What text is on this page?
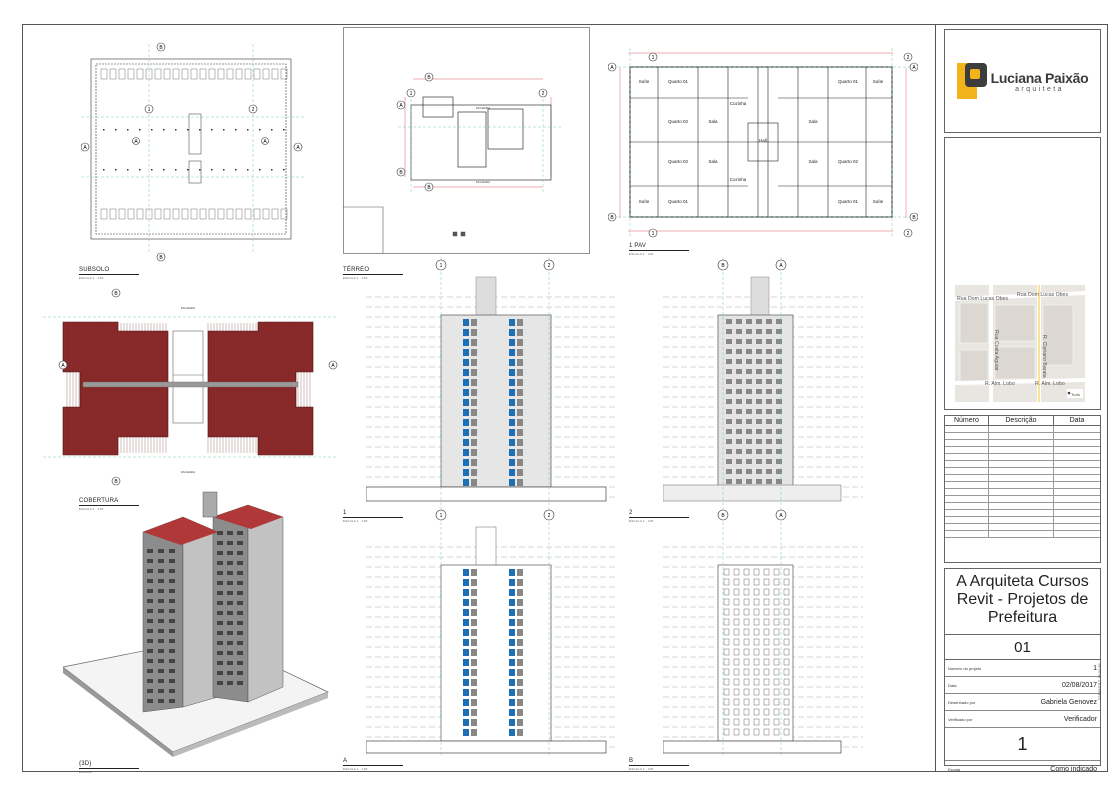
B
B
1	2
A	A
A	A
SUBSOLO
ESCALA 1 : 100
1	2
A
B
B
B
FACHADA
FACHADA
TÉRREO
ESCALA 1 : 100
Suíte	Quarto 01
Quarto 02	Sala
Cozinha
Hall
Sala
Quarto 01	Suíte
Quarto 02
Suíte	Quarto 01
Quarto 02	Sala
Cozinha
Sala
Suíte
Quarto 01
1	2
1	2
A
B
A
B
1 PAV
ESCALA 1 : 100
B
B
A	A
FACHADA
FACHADA
COBERTURA
ESCALA 1 : 100
{3D}
ESCALA
1	2
1
ESCALA 1 : 100
B	A
2
ESCALA 1 : 100
1	2
A
ESCALA 1 : 100
B	A
B
ESCALA 1 : 100
Luciana Paixão
arquiteta
Rua Dom Lucas Obes
Rua Dom Lucas Obes
R. Cipriano Barata
Rua Costa Aguiar
R. Alm. Lobo	R. Alm. Lobo
Tudo
Número	Descrição	Data

A Arquiteta Cursos Revit - Projetos de Prefeitura
01
Número do projeto	1
Data	02/08/2017
Desenhado por	Gabriela Genovez
Verificado por	Verificador
1
Escala	Como indicado
02/08/2017 18:02:45
